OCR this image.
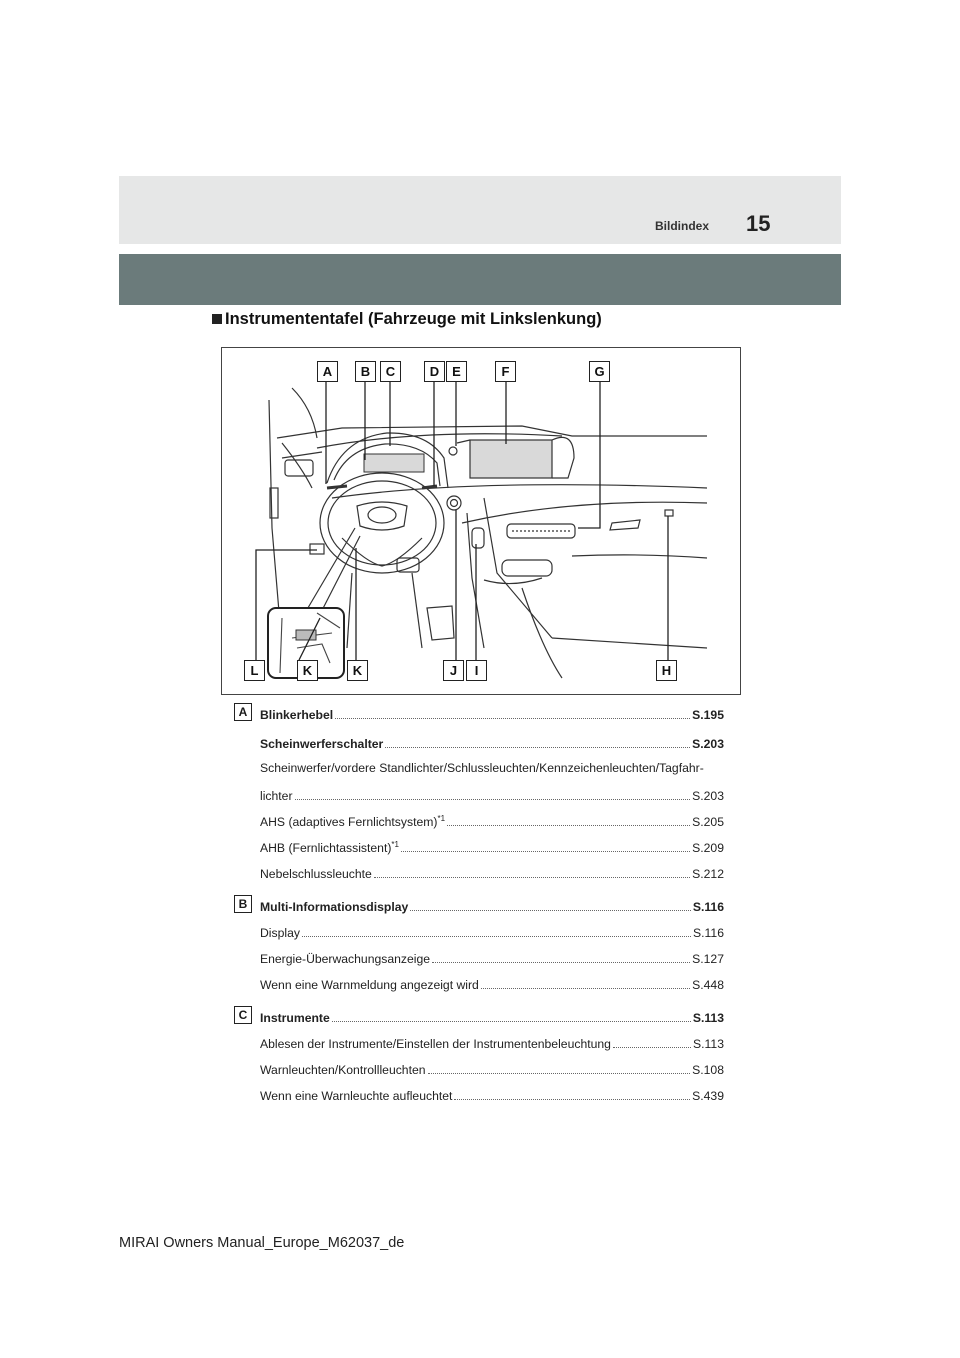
Bildindex 15
Instrumententafel (Fahrzeuge mit Linkslenkung)
A	B	C	D E	F	G
L	K	K	J	I	H
A	Blinkerhebel	S.195
Scheinwerferschalter	S.203
Scheinwerfer/vordere Standlichter/Schlussleuchten/Kennzeichenleuchten/Tagfahr-
lichter	S.203
AHS (adaptives Fernlichtsystem)$^{*1}$	S.205
AHB (Fernlichtassistent)$^{*1}$	S.209
Nebelschlussleuchte	S.212
B	Multi-Informationsdisplay	S.116
Display	S.116
Energie-Überwachungsanzeige	S.127
Wenn eine Warnmeldung angezeigt wird	S.448
C	Instrumente	S.113
Ablesen der Instrumente/Einstellen der Instrumentenbeleuchtung	S.113
Warnleuchten/Kontrollleuchten	S.108
Wenn eine Warnleuchte aufleuchtet	S.439
MIRAI Owners Manual_Europe_M62037_de
